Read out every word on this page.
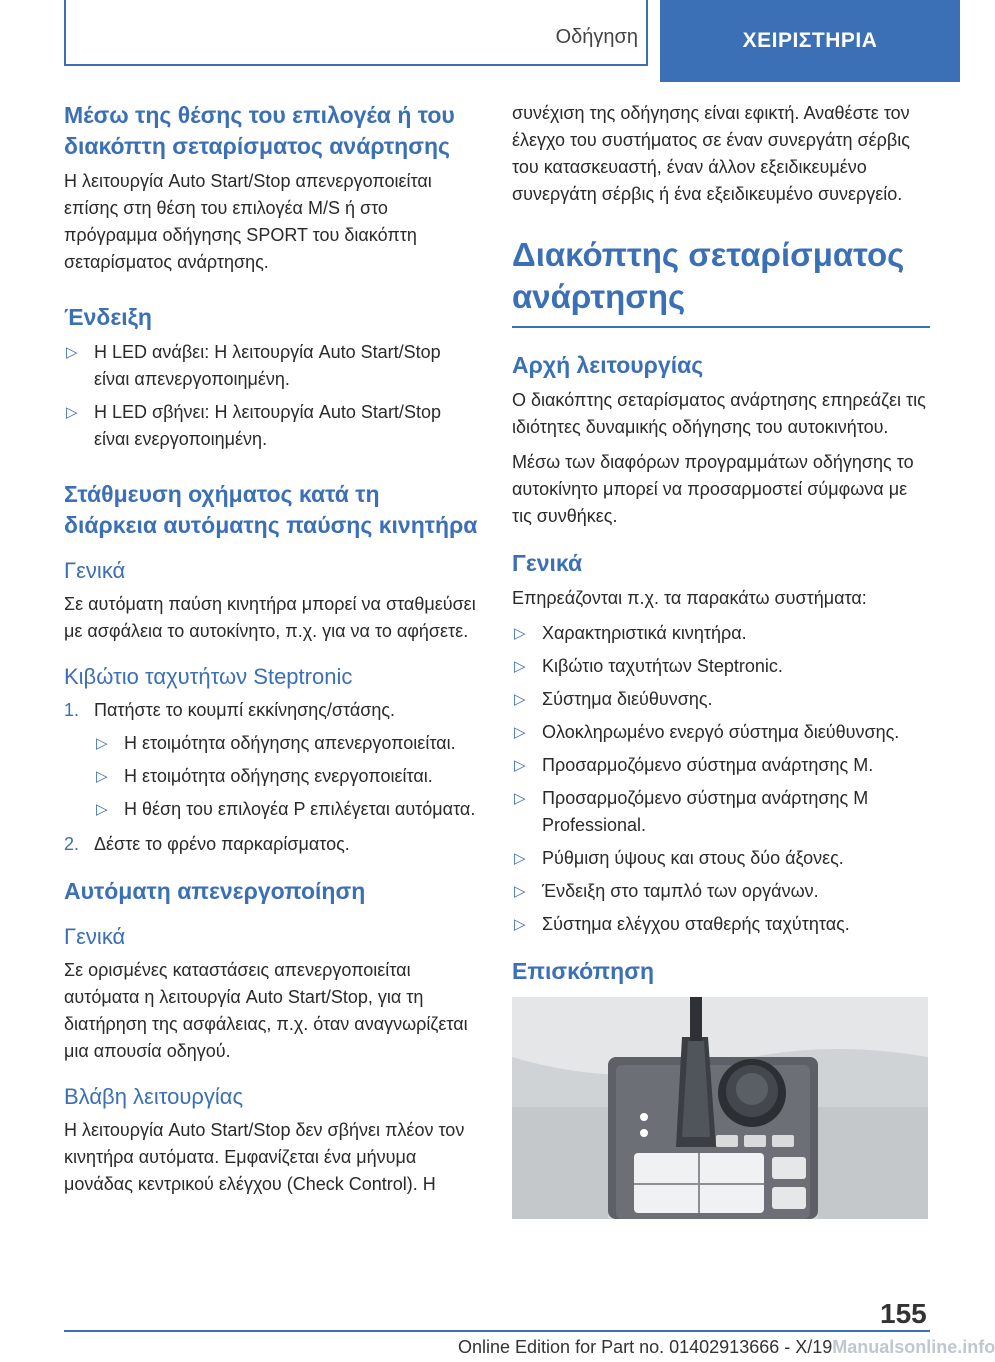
Οδήγηση	ΧΕΙΡΙΣΤΗΡΙΑ
Μέσω της θέσης του επιλογέα ή του διακόπτη σεταρίσματος ανάρτησης

Η λειτουργία Auto Start/Stop απενεργοποιείται επίσης στη θέση του επιλογέα M/S ή στο πρόγραμμα οδήγησης SPORT του διακόπτη σεταρίσματος ανάρτησης.

Ένδειξη
▷ Η LED ανάβει: Η λειτουργία Auto Start/Stop είναι απενεργοποιημένη.
▷ Η LED σβήνει: Η λειτουργία Auto Start/Stop είναι ενεργοποιημένη.
Στάθμευση οχήματος κατά τη διάρκεια αυτόματης παύσης κινητήρα
Γενικά

Σε αυτόματη παύση κινητήρα μπορεί να σταθμεύσει με ασφάλεια το αυτοκίνητο, π.χ. για να το αφήσετε.

Κιβώτιο ταχυτήτων Steptronic
1. Πατήστε το κουμπί εκκίνησης/στάσης.
▷ Η ετοιμότητα οδήγησης απενεργοποιείται.
▷ Η ετοιμότητα οδήγησης ενεργοποιείται.
▷ Η θέση του επιλογέα P επιλέγεται αυτόματα.
2. Δέστε το φρένο παρκαρίσματος.
Αυτόματη απενεργοποίηση
Γενικά

Σε ορισμένες καταστάσεις απενεργοποιείται αυτόματα η λειτουργία Auto Start/Stop, για τη διατήρηση της ασφάλειας, π.χ. όταν αναγνωρίζεται μια απουσία οδηγού.

Βλάβη λειτουργίας

Η λειτουργία Auto Start/Stop δεν σβήνει πλέον τον κινητήρα αυτόματα. Εμφανίζεται ένα μήνυμα μονάδας κεντρικού ελέγχου (Check Control). Η

συνέχιση της οδήγησης είναι εφικτή. Αναθέστε τον έλεγχο του συστήματος σε έναν συνεργάτη σέρβις του κατασκευαστή, έναν άλλον εξειδικευμένο συνεργάτη σέρβις ή ένα εξειδικευμένο συνεργείο.

Διακόπτης σεταρίσματος ανάρτησης
Αρχή λειτουργίας

Ο διακόπτης σεταρίσματος ανάρτησης επηρεάζει τις ιδιότητες δυναμικής οδήγησης του αυτοκινήτου.

Μέσω των διαφόρων προγραμμάτων οδήγησης το αυτοκίνητο μπορεί να προσαρμοστεί σύμφωνα με τις συνθήκες.

Γενικά

Επηρεάζονται π.χ. τα παρακάτω συστήματα:

▷ Χαρακτηριστικά κινητήρα.
▷ Κιβώτιο ταχυτήτων Steptronic.
▷ Σύστημα διεύθυνσης.
▷ Ολοκληρωμένο ενεργό σύστημα διεύθυνσης.
▷ Προσαρμοζόμενο σύστημα ανάρτησης M.
▷ Προσαρμοζόμενο σύστημα ανάρτησης M Professional.
▷ Ρύθμιση ύψους και στους δύο άξονες.
▷ Ένδειξη στο ταμπλό των οργάνων.
▷ Σύστημα ελέγχου σταθερής ταχύτητας.
Επισκόπηση
155
Online Edition for Part no. 01402913666 - X/19Manualsonline.info
